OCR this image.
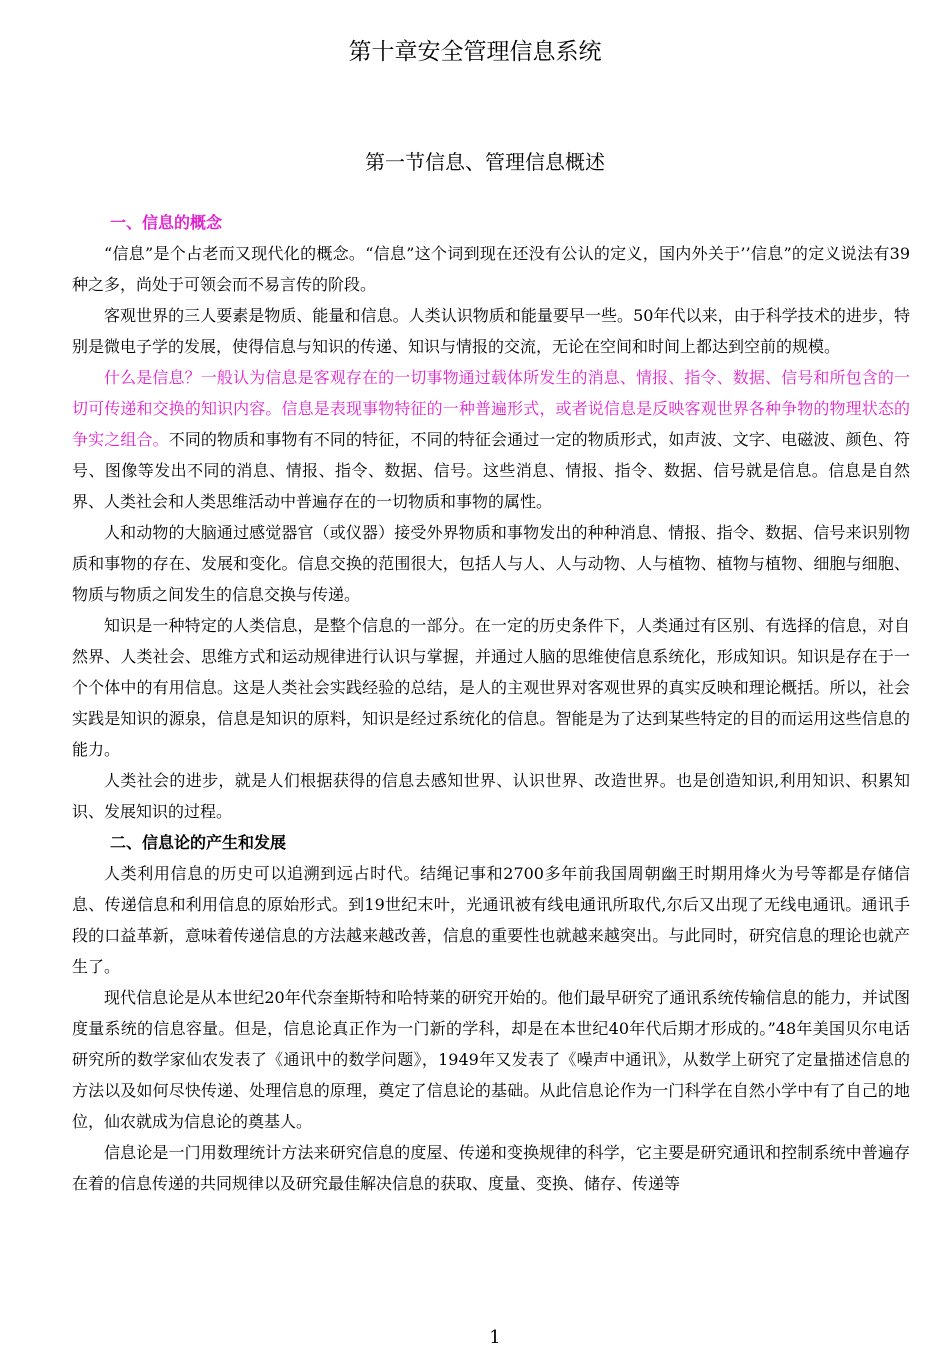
第十章安全管理信息系统
第一节信息、管理信息概述
一、信息的概念

“信息”是个占老而又现代化的概念。“信息”这个词到现在还没有公认的定义，国内外关于’’信息”的定义说法有39种之多，尚处于可领会而不易言传的阶段。

客观世界的三人要素是物质、能量和信息。人类认识物质和能量要早一些。50年代以来，由于科学技术的进步，特别是微电子学的发展，使得信息与知识的传递、知识与情报的交流，无论在空间和时间上都达到空前的规模。

什么是信息？一般认为信息是客观存在的一切事物通过载体所发生的消息、情报、指令、数据、信号和所包含的一切可传递和交换的知识内容。信息是表现事物特征的一种普遍形式，或者说信息是反映客观世界各种争物的物理状态的争实之组合。不同的物质和事物有不同的特征，不同的特征会通过一定的物质形式，如声波、文字、电磁波、颜色、符号、图像等发出不同的消息、情报、指令、数据、信号。这些消息、情报、指令、数据、信号就是信息。信息是自然界、人类社会和人类思维活动中普遍存在的一切物质和事物的属性。

人和动物的大脑通过感觉器官（或仪器）接受外界物质和事物发出的种种消息、情报、指令、数据、信号来识别物质和事物的存在、发展和变化。信息交换的范围很大，包括人与人、人与动物、人与植物、植物与植物、细胞与细胞、物质与物质之间发生的信息交换与传递。

知识是一种特定的人类信息，是整个信息的一部分。在一定的历史条件下，人类通过有区别、有选择的信息，对自然界、人类社会、思维方式和运动规律进行认识与掌握，并通过人脑的思维使信息系统化，形成知识。知识是存在于一个个体中的有用信息。这是人类社会实践经验的总结，是人的主观世界对客观世界的真实反映和理论概括。所以，社会实践是知识的源泉，信息是知识的原料，知识是经过系统化的信息。智能是为了达到某些特定的目的而运用这些信息的能力。

人类社会的进步，就是人们根据获得的信息去感知世界、认识世界、改造世界。也是创造知识,利用知识、积累知识、发展知识的过程。

二、信息论的产生和发展

人类利用信息的历史可以追溯到远占时代。结绳记事和2700多年前我国周朝幽王时期用烽火为号等都是存储信息、传递信息和利用信息的原始形式。到19世纪末叶，光通讯被有线电通讯所取代,尔后又出现了无线电通讯。通讯手段的口益革新，意味着传递信息的方法越来越改善，信息的重要性也就越来越突出。与此同时，研究信息的理论也就产生了。

现代信息论是从本世纪20年代奈奎斯特和哈特莱的研究开始的。他们最早研究了通讯系统传输信息的能力，并试图度量系统的信息容量。但是，信息论真正作为一门新的学科，却是在本世纪40年代后期才形成的。”48年美国贝尔电话研究所的数学家仙农发表了《通讯中的数学问题》，1949年又发表了《噪声中通讯》，从数学上研究了定量描述信息的方法以及如何尽快传递、处理信息的原理，奠定了信息论的基础。从此信息论作为一门科学在自然小学中有了自己的地位，仙农就成为信息论的奠基人。

信息论是一门用数理统计方法来研究信息的度屋、传递和变换规律的科学，它主要是研究通讯和控制系统中普遍存在着的信息传递的共同规律以及研究最佳解决信息的获取、度量、变换、储存、传递等

1
